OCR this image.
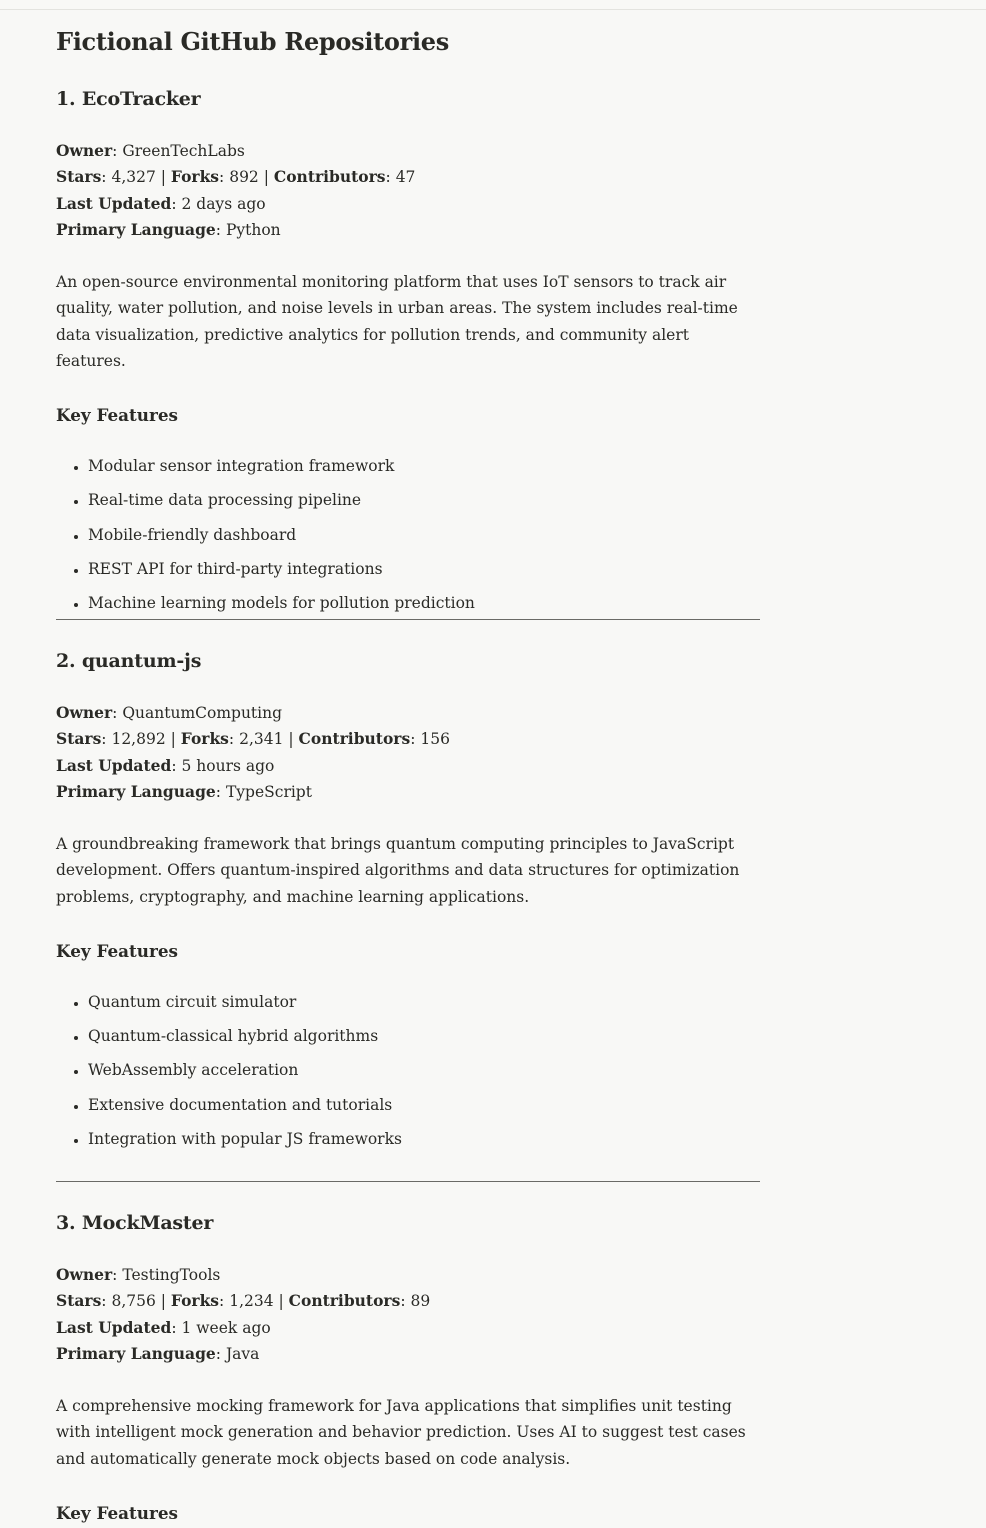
Fictional GitHub Repositories
1. EcoTracker
Owner: GreenTechLabs
Stars: 4,327 | Forks: 892 | Contributors: 47
Last Updated: 2 days ago
Primary Language: Python

An open-source environmental monitoring platform that uses IoT sensors to track air quality, water pollution, and noise levels in urban areas. The system includes real-time data visualization, predictive analytics for pollution trends, and community alert features.

Key Features
• Modular sensor integration framework
• Real-time data processing pipeline
• Mobile-friendly dashboard
• REST API for third-party integrations
• Machine learning models for pollution prediction
2. quantum-js
Owner: QuantumComputing
Stars: 12,892 | Forks: 2,341 | Contributors: 156
Last Updated: 5 hours ago
Primary Language: TypeScript

A groundbreaking framework that brings quantum computing principles to JavaScript development. Offers quantum-inspired algorithms and data structures for optimization problems, cryptography, and machine learning applications.

Key Features
• Quantum circuit simulator
• Quantum-classical hybrid algorithms
• WebAssembly acceleration
• Extensive documentation and tutorials
• Integration with popular JS frameworks
3. MockMaster
Owner: TestingTools
Stars: 8,756 | Forks: 1,234 | Contributors: 89
Last Updated: 1 week ago
Primary Language: Java

A comprehensive mocking framework for Java applications that simplifies unit testing with intelligent mock generation and behavior prediction. Uses AI to suggest test cases and automatically generate mock objects based on code analysis.

Key Features
